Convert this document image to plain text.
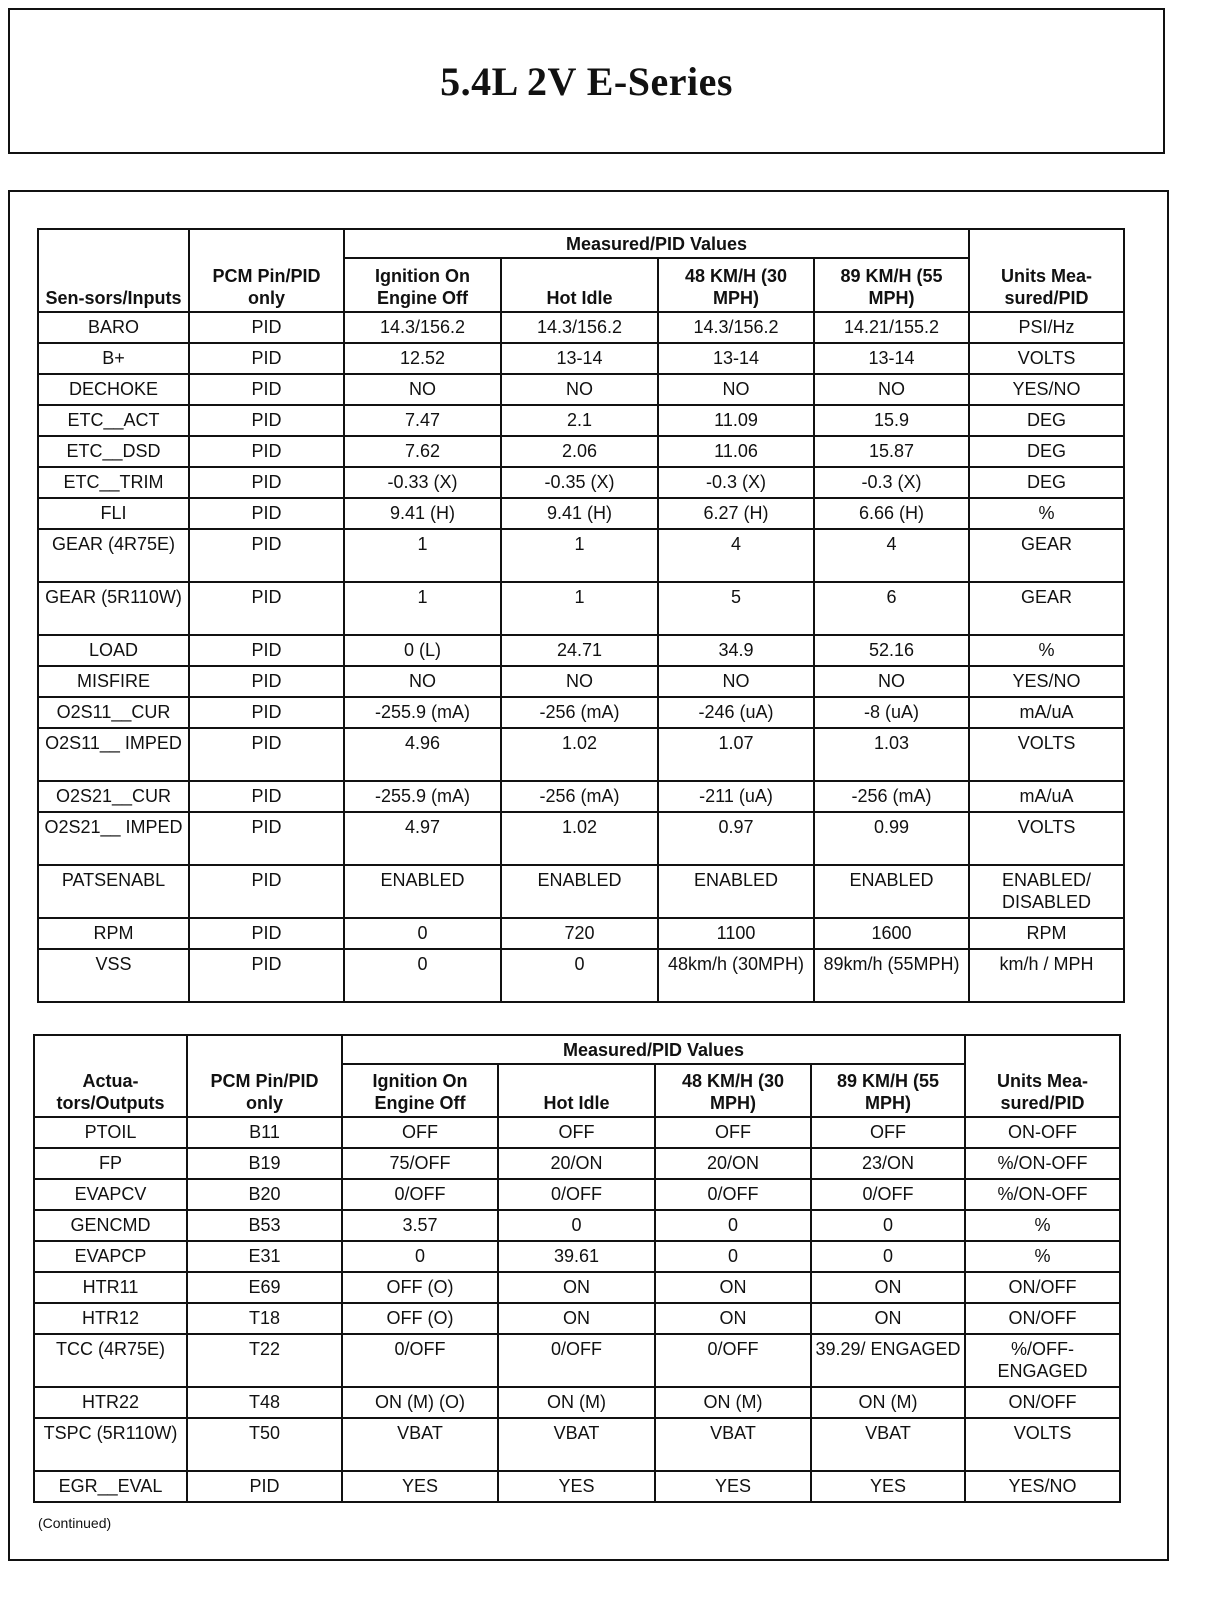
5.4L 2V E-Series
Sen-sors/Inputs	PCM Pin/PID only	Measured/PID Values				Units Mea-sured/PID
		Ignition On Engine Off	Hot Idle	48 KM/H (30 MPH)	89 KM/H (55 MPH)	
BARO	PID	14.3/156.2	14.3/156.2	14.3/156.2	14.21/155.2	PSI/Hz
B+	PID	12.52	13-14	13-14	13-14	VOLTS
DECHOKE	PID	NO	NO	NO	NO	YES/NO
ETC__ACT	PID	7.47	2.1	11.09	15.9	DEG
ETC__DSD	PID	7.62	2.06	11.06	15.87	DEG
ETC__TRIM	PID	-0.33 (X)	-0.35 (X)	-0.3 (X)	-0.3 (X)	DEG
FLI	PID	9.41 (H)	9.41 (H)	6.27 (H)	6.66 (H)	%
GEAR (4R75E)	PID	1	1	4	4	GEAR
GEAR (5R110W)	PID	1	1	5	6	GEAR
LOAD	PID	0 (L)	24.71	34.9	52.16	%
MISFIRE	PID	NO	NO	NO	NO	YES/NO
O2S11__CUR	PID	-255.9 (mA)	-256 (mA)	-246 (uA)	-8 (uA)	mA/uA
O2S11__ IMPED	PID	4.96	1.02	1.07	1.03	VOLTS
O2S21__CUR	PID	-255.9 (mA)	-256 (mA)	-211 (uA)	-256 (mA)	mA/uA
O2S21__ IMPED	PID	4.97	1.02	0.97	0.99	VOLTS
PATSENABL	PID	ENABLED	ENABLED	ENABLED	ENABLED	ENABLED/ DISABLED
RPM	PID	0	720	1100	1600	RPM
VSS	PID	0	0	48km/h (30MPH)	89km/h (55MPH)	km/h / MPH
Actua-tors/Outputs	PCM Pin/PID only	Measured/PID Values				Units Mea-sured/PID
		Ignition On Engine Off	Hot Idle	48 KM/H (30 MPH)	89 KM/H (55 MPH)	
PTOIL	B11	OFF	OFF	OFF	OFF	ON-OFF
FP	B19	75/OFF	20/ON	20/ON	23/ON	%/ON-OFF
EVAPCV	B20	0/OFF	0/OFF	0/OFF	0/OFF	%/ON-OFF
GENCMD	B53	3.57	0	0	0	%
EVAPCP	E31	0	39.61	0	0	%
HTR11	E69	OFF (O)	ON	ON	ON	ON/OFF
HTR12	T18	OFF (O)	ON	ON	ON	ON/OFF
TCC (4R75E)	T22	0/OFF	0/OFF	0/OFF	39.29/ ENGAGED	%/OFF-ENGAGED
HTR22	T48	ON (M) (O)	ON (M)	ON (M)	ON (M)	ON/OFF
TSPC (5R110W)	T50	VBAT	VBAT	VBAT	VBAT	VOLTS
EGR__EVAL	PID	YES	YES	YES	YES	YES/NO
(Continued)
